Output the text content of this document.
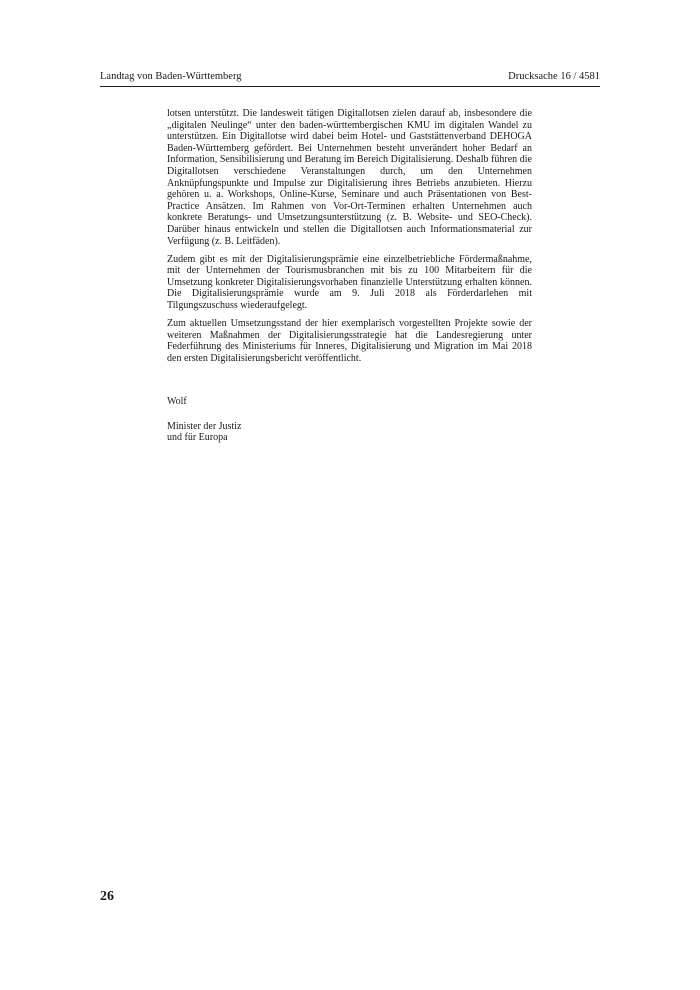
Landtag von Baden-Württemberg	Drucksache 16 / 4581

lotsen unterstützt. Die landesweit tätigen Digitallotsen zielen darauf ab, insbesondere die „digitalen Neulinge“ unter den baden-württembergischen KMU im digitalen Wandel zu unterstützen. Ein Digitallotse wird dabei beim Hotel- und Gaststättenverband DEHOGA Baden-Württemberg gefördert. Bei Unternehmen besteht unverändert hoher Bedarf an Information, Sensibilisierung und Beratung im Bereich Digitalisierung. Deshalb führen die Digitallotsen verschiedene Veranstaltungen durch, um den Unternehmen Anknüpfungspunkte und Impulse zur Digitalisierung ihres Betriebs anzubieten. Hierzu gehören u. a. Workshops, Online-Kurse, Seminare und auch Präsentationen von Best-Practice Ansätzen. Im Rahmen von Vor-Ort-Terminen erhalten Unternehmen auch konkrete Beratungs- und Umsetzungsunterstützung (z. B. Website- und SEO-Check). Darüber hinaus entwickeln und stellen die Digitallotsen auch Informationsmaterial zur Verfügung (z. B. Leitfäden).

Zudem gibt es mit der Digitalisierungsprämie eine einzelbetriebliche Fördermaßnahme, mit der Unternehmen der Tourismusbranchen mit bis zu 100 Mitarbeitern für die Umsetzung konkreter Digitalisierungsvorhaben finanzielle Unterstützung erhalten können. Die Digitalisierungsprämie wurde am 9. Juli 2018 als Förderdarlehen mit Tilgungszuschuss wiederaufgelegt.

Zum aktuellen Umsetzungsstand der hier exemplarisch vorgestellten Projekte sowie der weiteren Maßnahmen der Digitalisierungsstrategie hat die Landesregierung unter Federführung des Ministeriums für Inneres, Digitalisierung und Migration im Mai 2018 den ersten Digitalisierungsbericht veröffentlicht.

Wolf

Minister der Justiz

und für Europa

26
